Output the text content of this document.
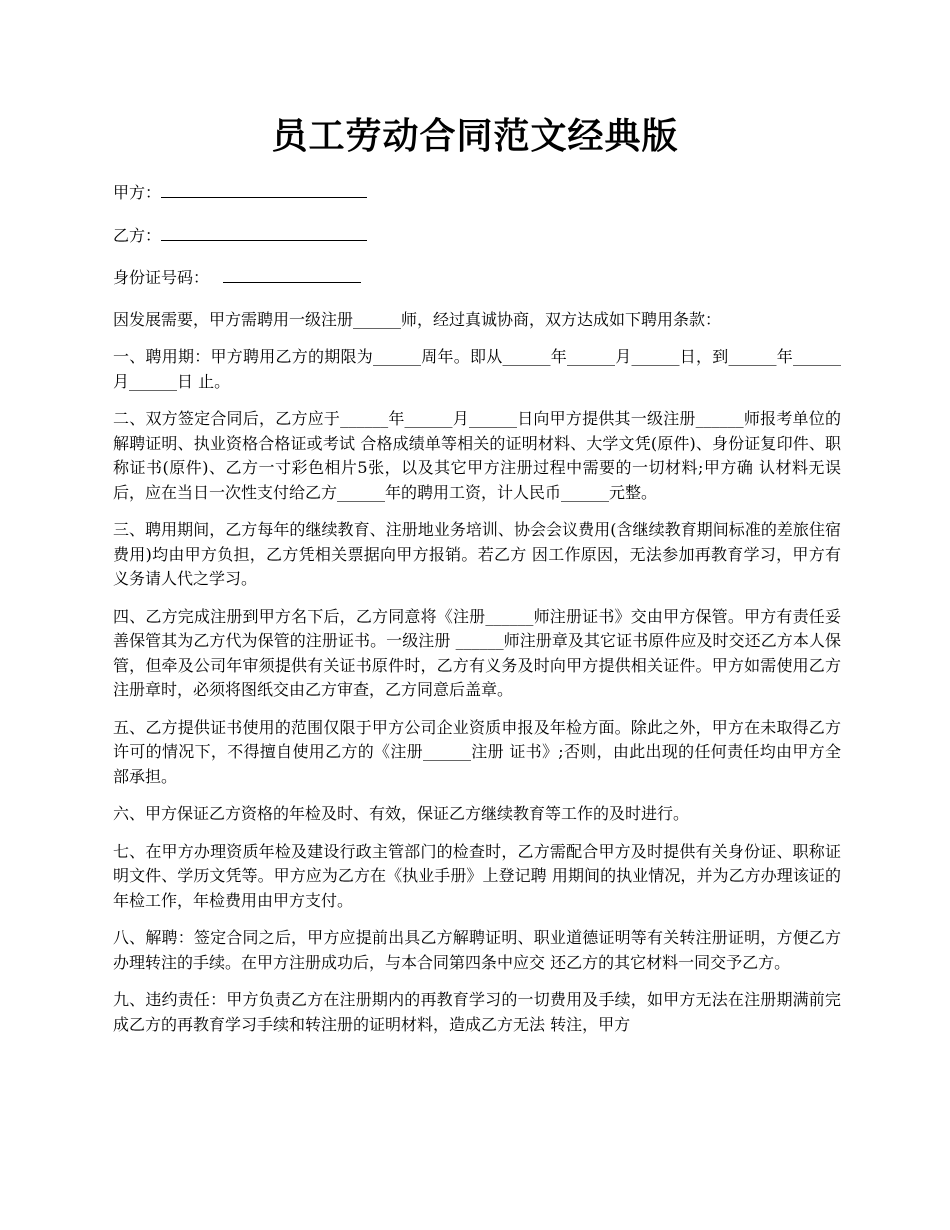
员工劳动合同范文经典版

甲方：

乙方：

身份证号码：

因发展需要，甲方需聘用一级注册______师，经过真诚协商，双方达成如下聘用条款：

一、聘用期：甲方聘用乙方的期限为______周年。即从______年______月______日，到______年______月______日 止。

二、双方签定合同后，乙方应于______年______月______日向甲方提供其一级注册______师报考单位的解聘证明、执业资格合格证或考试 合格成绩单等相关的证明材料、大学文凭(原件)、身份证复印件、职称证书(原件)、乙方一寸彩色相片5张，以及其它甲方注册过程中需要的一切材料;甲方确 认材料无误后，应在当日一次性支付给乙方______年的聘用工资，计人民币______元整。

三、聘用期间，乙方每年的继续教育、注册地业务培训、协会会议费用(含继续教育期间标准的差旅住宿费用)均由甲方负担，乙方凭相关票据向甲方报销。若乙方 因工作原因，无法参加再教育学习，甲方有义务请人代之学习。

四、乙方完成注册到甲方名下后，乙方同意将《注册______师注册证书》交由甲方保管。甲方有责任妥善保管其为乙方代为保管的注册证书。一级注册 ______师注册章及其它证书原件应及时交还乙方本人保管，但牵及公司年审须提供有关证书原件时，乙方有义务及时向甲方提供相关证件。甲方如需使用乙方 注册章时，必须将图纸交由乙方审查，乙方同意后盖章。

五、乙方提供证书使用的范围仅限于甲方公司企业资质申报及年检方面。除此之外，甲方在未取得乙方许可的情况下，不得擅自使用乙方的《注册______注册 证书》;否则，由此出现的任何责任均由甲方全部承担。

六、甲方保证乙方资格的年检及时、有效，保证乙方继续教育等工作的及时进行。

七、在甲方办理资质年检及建设行政主管部门的检查时，乙方需配合甲方及时提供有关身份证、职称证明文件、学历文凭等。甲方应为乙方在《执业手册》上登记聘 用期间的执业情况，并为乙方办理该证的年检工作，年检费用由甲方支付。

八、解聘：签定合同之后，甲方应提前出具乙方解聘证明、职业道德证明等有关转注册证明，方便乙方办理转注的手续。在甲方注册成功后，与本合同第四条中应交 还乙方的其它材料一同交予乙方。

九、违约责任：甲方负责乙方在注册期内的再教育学习的一切费用及手续，如甲方无法在注册期满前完成乙方的再教育学习手续和转注册的证明材料，造成乙方无法 转注，甲方
